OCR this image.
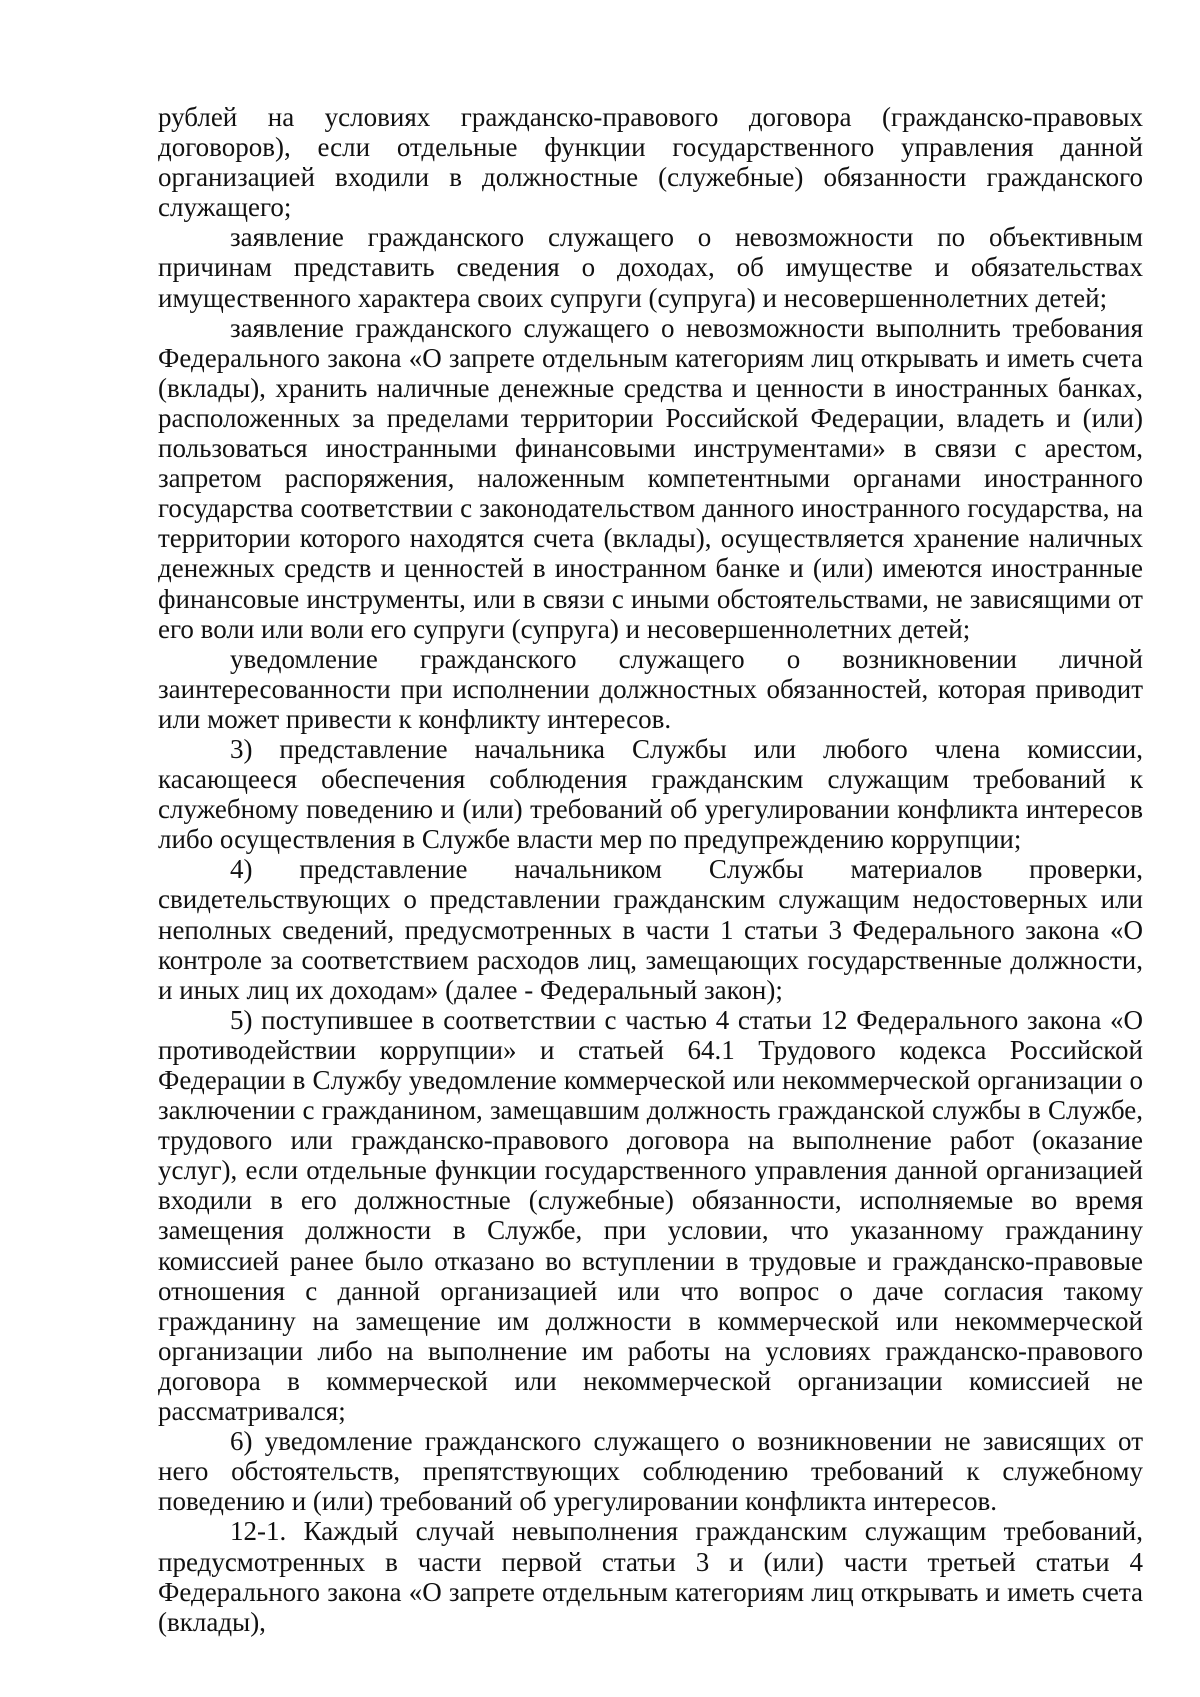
рублей на условиях гражданско-правового договора (гражданско-правовых договоров), если отдельные функции государственного управления данной организацией входили в должностные (служебные) обязанности гражданского служащего;

заявление гражданского служащего о невозможности по объективным причинам представить сведения о доходах, об имуществе и обязательствах имущественного характера своих супруги (супруга) и несовершеннолетних детей;

заявление гражданского служащего о невозможности выполнить требования Федерального закона «О запрете отдельным категориям лиц открывать и иметь счета (вклады), хранить наличные денежные средства и ценности в иностранных банках, расположенных за пределами территории Российской Федерации, владеть и (или) пользоваться иностранными финансовыми инструментами» в связи с арестом, запретом распоряжения, наложенным компетентными органами иностранного государства соответствии с законодательством данного иностранного государства, на территории которого находятся счета (вклады), осуществляется хранение наличных денежных средств и ценностей в иностранном банке и (или) имеются иностранные финансовые инструменты, или в связи с иными обстоятельствами, не зависящими от его воли или воли его супруги (супруга) и несовершеннолетних детей;

уведомление гражданского служащего о возникновении личной заинтересованности при исполнении должностных обязанностей, которая приводит или может привести к конфликту интересов.

3) представление начальника Службы или любого члена комиссии, касающееся обеспечения соблюдения гражданским служащим требований к служебному поведению и (или) требований об урегулировании конфликта интересов либо осуществления в Службе власти мер по предупреждению коррупции;

4) представление начальником Службы материалов проверки, свидетельствующих о представлении гражданским служащим недостоверных или неполных сведений, предусмотренных в части 1 статьи 3 Федерального закона «О контроле за соответствием расходов лиц, замещающих государственные должности, и иных лиц их доходам» (далее - Федеральный закон);

5) поступившее в соответствии с частью 4 статьи 12 Федерального закона «О противодействии коррупции» и статьей 64.1 Трудового кодекса Российской Федерации в Службу уведомление коммерческой или некоммерческой организации о заключении с гражданином, замещавшим должность гражданской службы в Службе, трудового или гражданско-правового договора на выполнение работ (оказание услуг), если отдельные функции государственного управления данной организацией входили в его должностные (служебные) обязанности, исполняемые во время замещения должности в Службе, при условии, что указанному гражданину комиссией ранее было отказано во вступлении в трудовые и гражданско-правовые отношения с данной организацией или что вопрос о даче согласия такому гражданину на замещение им должности в коммерческой или некоммерческой организации либо на выполнение им работы на условиях гражданско-правового договора в коммерческой или некоммерческой организации комиссией не рассматривался;

6) уведомление гражданского служащего о возникновении не зависящих от него обстоятельств, препятствующих соблюдению требований к служебному поведению и (или) требований об урегулировании конфликта интересов.

12-1. Каждый случай невыполнения гражданским служащим требований, предусмотренных в части первой статьи 3 и (или) части третьей статьи 4 Федерального закона «О запрете отдельным категориям лиц открывать и иметь счета (вклады),
